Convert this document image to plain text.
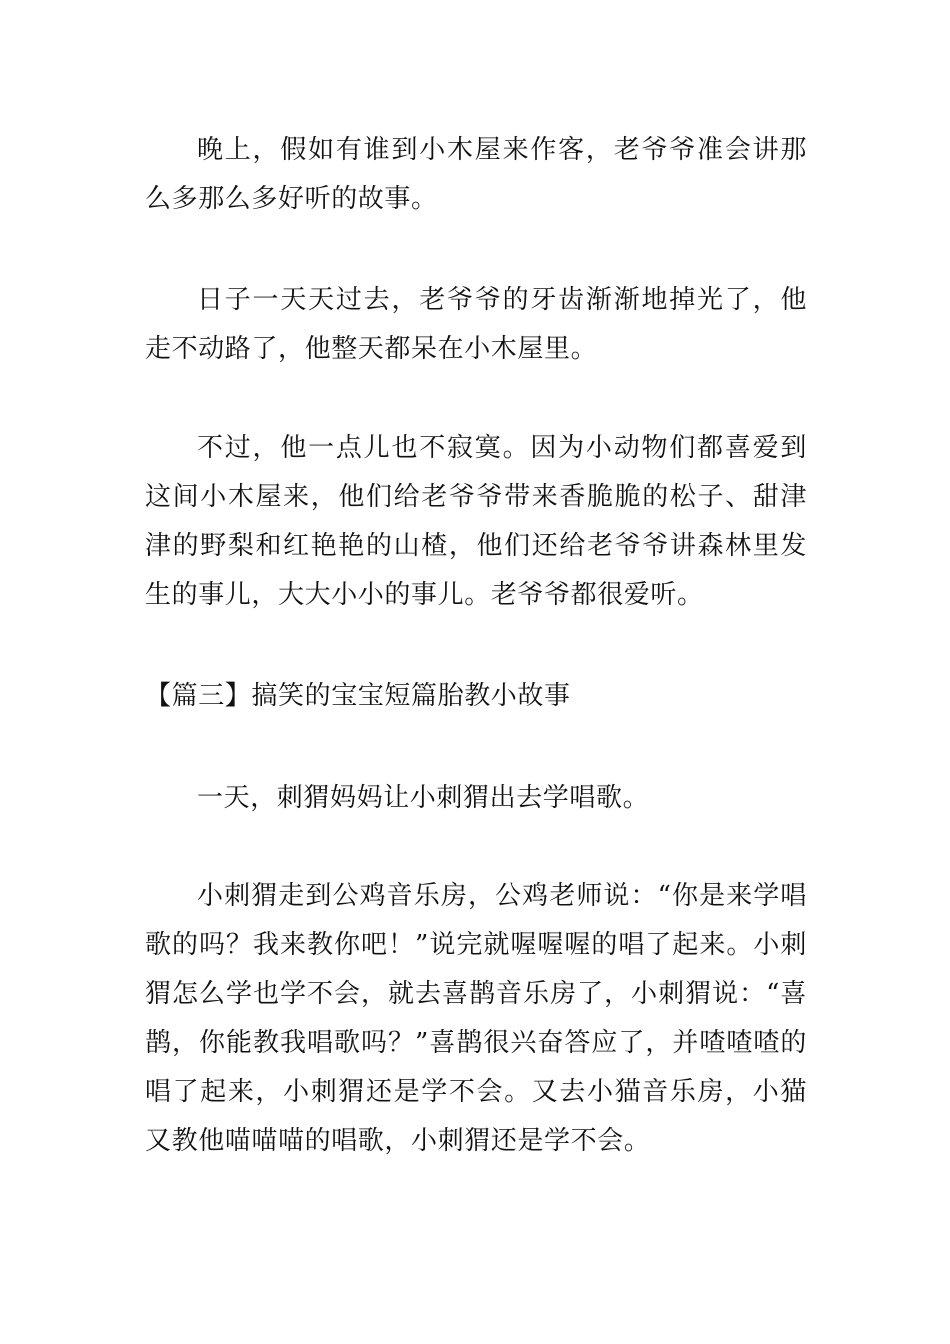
晚上，假如有谁到小木屋来作客，老爷爷准会讲那么多那么多好听的故事。

日子一天天过去，老爷爷的牙齿渐渐地掉光了，他走不动路了，他整天都呆在小木屋里。

不过，他一点儿也不寂寞。因为小动物们都喜爱到这间小木屋来，他们给老爷爷带来香脆脆的松子、甜津津的野梨和红艳艳的山楂，他们还给老爷爷讲森林里发生的事儿，大大小小的事儿。老爷爷都很爱听。

【篇三】搞笑的宝宝短篇胎教小故事

一天，刺猬妈妈让小刺猬出去学唱歌。

小刺猬走到公鸡音乐房，公鸡老师说：“你是来学唱歌的吗？我来教你吧！”说完就喔喔喔的唱了起来。小刺猬怎么学也学不会，就去喜鹊音乐房了，小刺猬说：“喜鹊，你能教我唱歌吗？”喜鹊很兴奋答应了，并喳喳喳的唱了起来，小刺猬还是学不会。又去小猫音乐房，小猫又教他喵喵喵的唱歌，小刺猬还是学不会。
